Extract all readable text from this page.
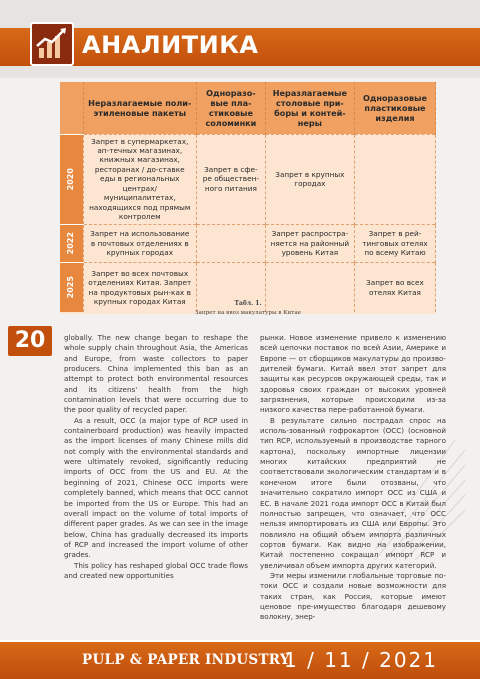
АНАЛИТИКА
	Неразлагаемые поли-этиленовые пакеты	Одноразо-вые пла-стиковые соломинки	Неразлагаемые столовые при-боры и контей-неры	Одноразовые пластиковые изделия
2020	Запрет в супермаркетах, ап-течных магазинах, книжных магазинах, ресторанах / до-ставке еды в региональных центрах/ муниципалитетах, находящихся под прямым контролем	Запрет в сфе-ре обществен-ного питания	Запрет в крупных городах	
2022	Запрет на использование в почтовых отделениях в крупных городах		Запрет распростра-няется на районный уровень Китая	Запрет в рей-тинговых отелях по всему Китаю
2025	Запрет во всех почтовых отделениях Китая. Запрет на продуктовых рын-ках в крупных городах Китая			Запрет во всех отелях Китая
Табл. 1.
Запрет на ввоз макулатуры в Китае
20	globally. The new change began to reshape the whole supply chain throughout Asia, the Americas and Europe, from waste collectors to paper producers. China implemented this ban as an attempt to protect both environmental resources and its citizens' health from the high contamination levels that were occurring due to the poor quality of recycled paper.

As a result, OCC (a major type of RCP used in containerboard production) was heavily impacted as the import licenses of many Chinese mills did not comply with the environmental standards and were ultimately revoked, significantly reducing imports of OCC from the US and EU. At the beginning of 2021, Chinese OCC imports were completely banned, which means that OCC cannot be imported from the US or Europe. This had an overall impact on the volume of total imports of different paper grades. As we can see in the image below, China has gradually decreased its imports of RCP and increased the import volume of other grades.

This policy has reshaped global OCC trade flows and created new opportunities

рынки. Новое изменение привело к изменению всей цепочки поставок по всей Азии, Америке и Европе — от сборщиков макулатуры до произво-дителей бумаги. Китай ввел этот запрет для защиты как ресурсов окружающей среды, так и здоровья своих граждан от высоких уровней загрязнения, которые происходили из-за низкого качества пере-работанной бумаги.

В результате сильно пострадал спрос на исполь-зованный гофрокартон (OCC) (основной тип RCP, используемый в производстве тарного картона), поскольку импортные лицензии многих китайских предприятий не соответствовали экологическим стандартам и в конечном итоге были отозваны, что значительно сократило импорт OCC из США и ЕС. В начале 2021 года импорт OCC в Китай был полностью запрещен, что означает, что OCC нельзя импортировать из США или Европы. Это повлияло на общий объем импорта различных сортов бумаги. Как видно на изображении, Китай постепенно сокращал импорт RCP и увеличивал объем импорта других категорий.

Эти меры изменили глобальные торговые по-токи OCC и создали новые возможности для таких стран, как Россия, которые имеют ценовое пре-имущество благодаря дешевому волокну, энер-

PULP & PAPER INDUSTRY
1 / 11 / 2021
